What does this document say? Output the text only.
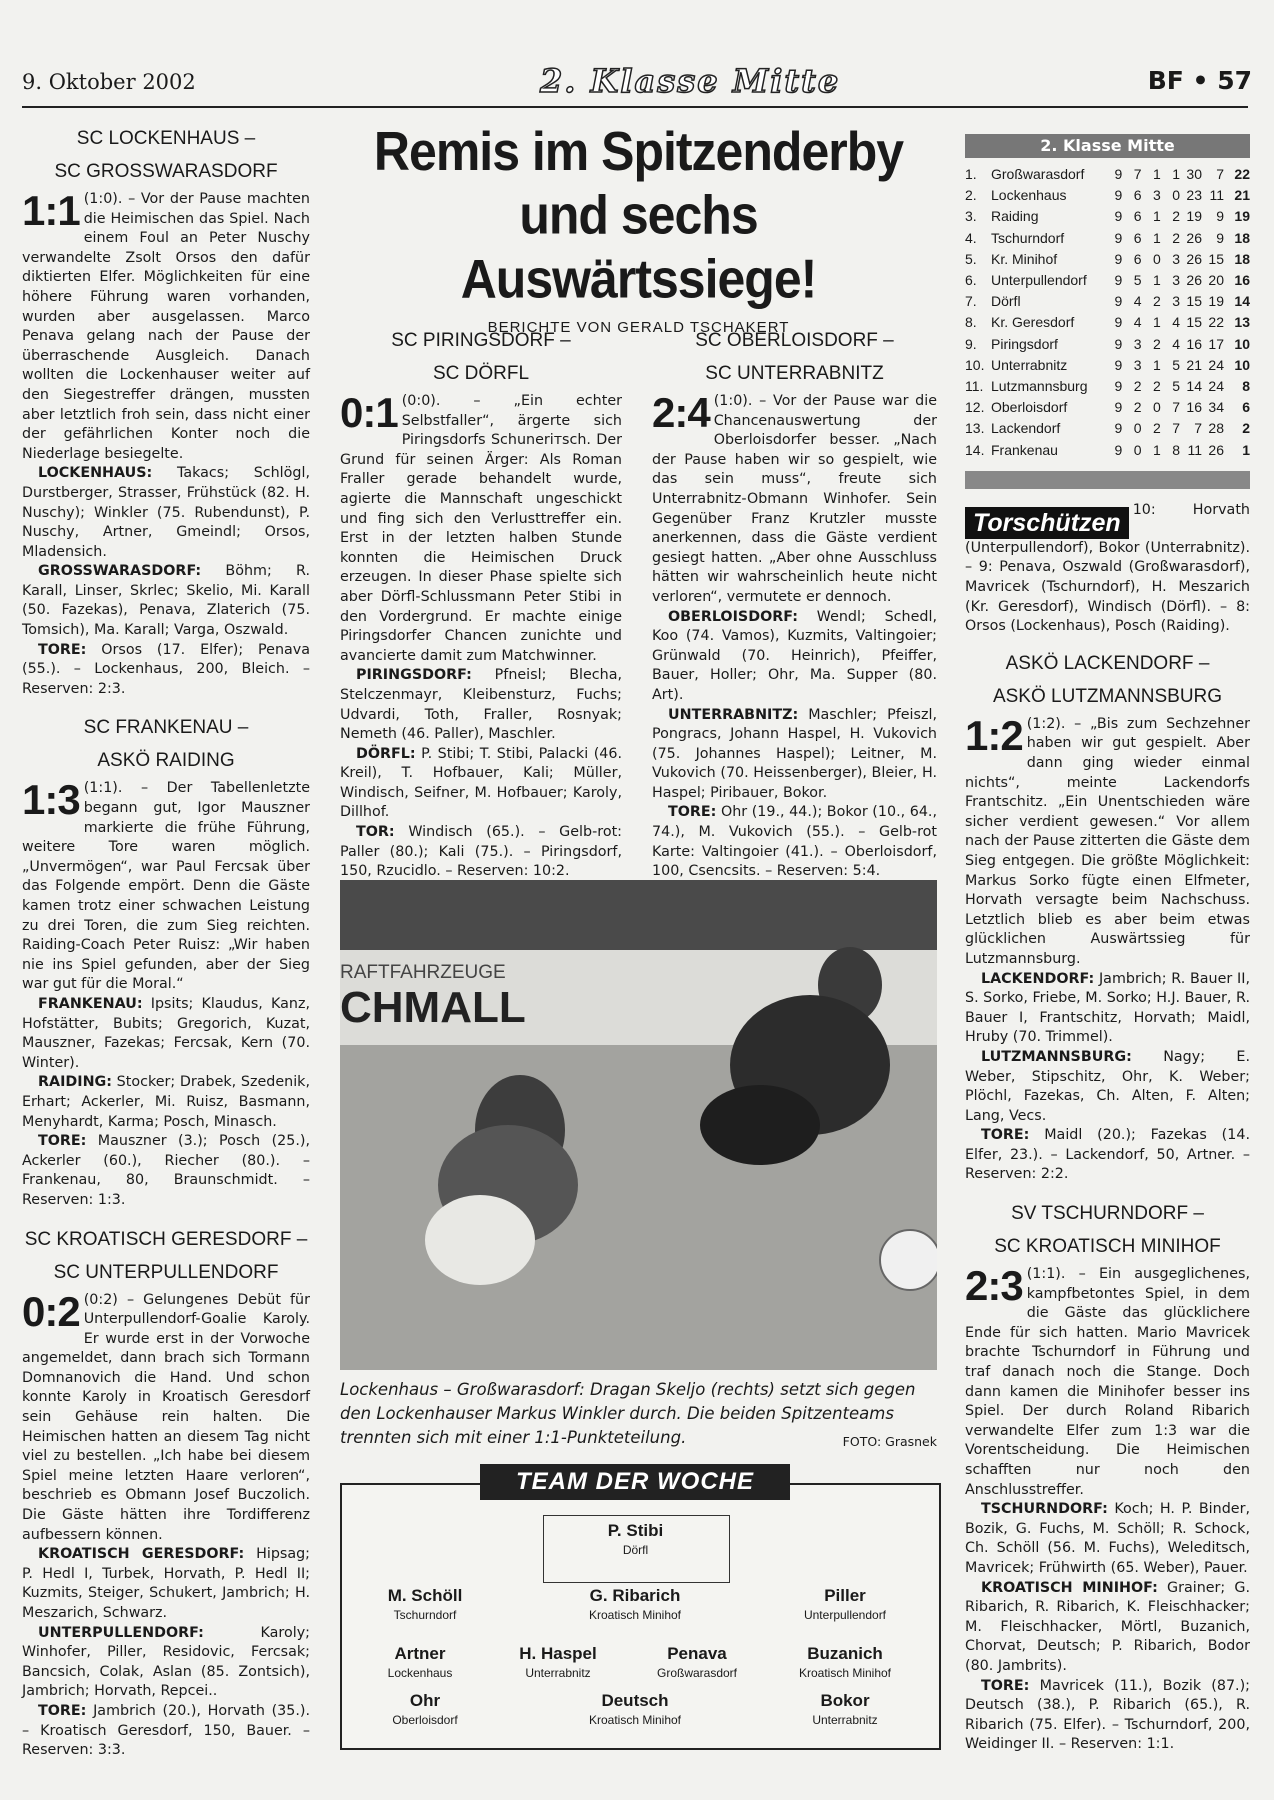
9. Oktober 2002	2. Klasse Mitte	BF • 57
SC LOCKENHAUS –
SC GROSSWARASDORF

1:1 (1:0). – Vor der Pause machten die Heimischen das Spiel. Nach einem Foul an Peter Nuschy verwandelte Zsolt Orsos den dafür diktierten Elfer. Möglichkeiten für eine höhere Führung waren vorhanden, wurden aber ausgelassen. Marco Penava gelang nach der Pause der überraschende Ausgleich. Danach wollten die Lockenhauser weiter auf den Siegestreffer drängen, mussten aber letztlich froh sein, dass nicht einer der gefährlichen Konter noch die Niederlage besiegelte.

LOCKENHAUS: Takacs; Schlögl, Durstberger, Strasser, Frühstück (82. H. Nuschy); Winkler (75. Rubendunst), P. Nuschy, Artner, Gmeindl; Orsos, Mladensich.

GROSSWARASDORF: Böhm; R. Karall, Linser, Skrlec; Skelio, Mi. Karall (50. Fazekas), Penava, Zlaterich (75. Tomsich), Ma. Karall; Varga, Oszwald.

TORE: Orsos (17. Elfer); Penava (55.). – Lockenhaus, 200, Bleich. – Reserven: 2:3.

SC FRANKENAU –
ASKÖ RAIDING

1:3 (1:1). – Der Tabellenletzte begann gut, Igor Mauszner markierte die frühe Führung, weitere Tore waren möglich. „Unvermögen“, war Paul Fercsak über das Folgende empört. Denn die Gäste kamen trotz einer schwachen Leistung zu drei Toren, die zum Sieg reichten. Raiding-Coach Peter Ruisz: „Wir haben nie ins Spiel gefunden, aber der Sieg war gut für die Moral.“

FRANKENAU: Ipsits; Klaudus, Kanz, Hofstätter, Bubits; Gregorich, Kuzat, Mauszner, Fazekas; Fercsak, Kern (70. Winter).

RAIDING: Stocker; Drabek, Szedenik, Erhart; Ackerler, Mi. Ruisz, Basmann, Menyhardt, Karma; Posch, Minasch.

TORE: Mauszner (3.); Posch (25.), Ackerler (60.), Riecher (80.). – Frankenau, 80, Braunschmidt. – Reserven: 1:3.

SC KROATISCH GERESDORF –
SC UNTERPULLENDORF

0:2 (0:2) – Gelungenes Debüt für Unterpullendorf-Goalie Karoly. Er wurde erst in der Vorwoche angemeldet, dann brach sich Tormann Domnanovich die Hand. Und schon konnte Karoly in Kroatisch Geresdorf sein Gehäuse rein halten. Die Heimischen hatten an diesem Tag nicht viel zu bestellen. „Ich habe bei diesem Spiel meine letzten Haare verloren“, beschrieb es Obmann Josef Buczolich. Die Gäste hätten ihre Tordifferenz aufbessern können.

KROATISCH GERESDORF: Hipsag; P. Hedl I, Turbek, Horvath, P. Hedl II; Kuzmits, Steiger, Schukert, Jambrich; H. Meszarich, Schwarz.

UNTERPULLENDORF:	Karoly; Winhofer, Piller, Residovic, Fercsak; Bancsich, Colak, Aslan (85. Zontsich), Jambrich; Horvath, Repcei..

TORE: Jambrich (20.), Horvath (35.). – Kroatisch Geresdorf, 150, Bauer. – Reserven: 3:3.

Remis im Spitzenderby
und sechs Auswärtssiege!
BERICHTE VON GERALD TSCHAKERT
SC PIRINGSDORF –
SC DÖRFL

0:1 (0:0). – „Ein echter Selbstfaller“, ärgerte sich Piringsdorfs Schunerітsch. Der Grund für seinen Ärger: Als Roman Fraller gerade behandelt wurde, agierte die Mannschaft ungeschickt und fing sich den Verlusttreffer ein. Erst in der letzten halben Stunde konnten die Heimischen Druck erzeugen. In dieser Phase spielte sich aber Dörfl-Schlussmann Peter Stibi in den Vordergrund. Er machte einige Piringsdorfer Chancen zunichte und avancierte damit zum Matchwinner.

PIRINGSDORF: Pfneisl; Blecha, Stelczenmayr, Kleibensturz, Fuchs; Udvardi, Toth, Fraller, Rosnyak; Nemeth (46. Paller), Maschler.

DÖRFL: P. Stibi; T. Stibi, Palacki (46. Kreil), T. Hofbauer, Kali; Müller, Windisch, Seifner, M. Hofbauer; Karoly, Dillhof.

TOR: Windisch (65.). – Gelb-rot: Paller (80.); Kali (75.). – Piringsdorf, 150, Rzucidlo. – Reserven: 10:2.

SC OBERLOISDORF –
SC UNTERRABNITZ

2:4 (1:0). – Vor der Pause war die Chancenauswertung der Oberloisdorfer besser. „Nach der Pause haben wir so gespielt, wie das sein muss“, freute sich Unterrabnitz-Obmann Winhofer. Sein Gegenüber Franz Krutzler musste anerkennen, dass die Gäste verdient gesiegt hatten. „Aber ohne Ausschluss hätten wir wahrscheinlich heute nicht verloren“, vermutete er dennoch.

OBERLOISDORF: Wendl; Schedl, Koo (74. Vamos), Kuzmits, Valtingoier; Grünwald (70. Heinrich), Pfeiffer, Bauer, Holler; Ohr, Ma. Supper (80. Art).

UNTERRABNITZ: Maschler; Pfeiszl, Pongracs, Johann Haspel, H. Vukovich (75. Johannes Haspel); Leitner, M. Vukovich (70. Heissenberger), Bleier, H. Haspel; Piribauer, Bokor.

TORE: Ohr (19., 44.); Bokor (10., 64., 74.), M. Vukovich (55.). – Gelb-rot Karte: Valtingoier (41.). – Oberloisdorf, 100, Csencsits. – Reserven: 5:4.

RAFTFAHRZEUGE
CHMALL
Lockenhaus – Großwarasdorf: Dragan Skeljo (rechts) setzt sich gegen den Lockenhauser Markus Winkler durch. Die beiden Spitzenteams trennten sich mit einer 1:1-Punkteteilung.	FOTO: Grasnek
TEAM DER WOCHE
P. Stibi
Dörfl
M. Schöll
Tschurndorf
G. Ribarich
Kroatisch Minihof
Piller
Unterpullendorf
Artner
Lockenhaus
H. Haspel
Unterrabnitz
Penava
Großwarasdorf
Buzanich
Kroatisch Minihof
Ohr
Oberloisdorf
Deutsch
Kroatisch Minihof
Bokor
Unterrabnitz
2. Klasse Mitte
1.	Großwarasdorf	9	7	1	1	30	7	22
2.	Lockenhaus	9	6	3	0	23	11	21
3.	Raiding	9	6	1	2	19	9	19
4.	Tschurndorf	9	6	1	2	26	9	18
5.	Kr. Minihof	9	6	0	3	26	15	18
6.	Unterpullendorf	9	5	1	3	26	20	16
7.	Dörfl	9	4	2	3	15	19	14
8.	Kr. Geresdorf	9	4	1	4	15	22	13
9.	Piringsdorf	9	3	2	4	16	17	10
10.	Unterrabnitz	9	3	1	5	21	24	10
11.	Lutzmannsburg	9	2	2	5	14	24	8
12.	Oberloisdorf	9	2	0	7	16	34	6
13.	Lackendorf	9	0	2	7	7	28	2
14.	Frankenau	9	0	1	8	11	26	1
Torschützen 10: Horvath (Unterpullendorf), Bokor (Unterrabnitz). – 9: Penava, Oszwald (Großwarasdorf), Mavricek (Tschurndorf), H. Meszarich (Kr. Geresdorf), Windisch (Dörfl). – 8: Orsos (Lockenhaus), Posch (Raiding).
ASKÖ LACKENDORF –
ASKÖ LUTZMANNSBURG

1:2 (1:2). – „Bis zum Sechzehner haben wir gut gespielt. Aber dann ging wieder einmal nichts“, meinte Lackendorfs Frantschitz. „Ein Unentschieden wäre sicher verdient gewesen.“ Vor allem nach der Pause zitterten die Gäste dem Sieg entgegen. Die größte Möglichkeit: Markus Sorko fügte einen Elfmeter, Horvath versagte beim Nachschuss. Letztlich blieb es aber beim etwas glücklichen Auswärtssieg für Lutzmannsburg.

LACKENDORF: Jambrich; R. Bauer II, S. Sorko, Friebe, M. Sorko; H.J. Bauer, R. Bauer I, Frantschitz, Horvath; Maidl, Hruby (70. Trimmel).

LUTZMANNSBURG: Nagy; E. Weber, Stipschitz, Ohr, K. Weber; Plöchl, Fazekas, Ch. Alten, F. Alten; Lang, Vecs.

TORE: Maidl (20.); Fazekas (14. Elfer, 23.). – Lackendorf, 50, Artner. – Reserven: 2:2.

SV TSCHURNDORF –
SC KROATISCH MINIHOF

2:3 (1:1). – Ein ausgeglichenes, kampfbetontes Spiel, in dem die Gäste das glücklichere Ende für sich hatten. Mario Mavricek brachte Tschurndorf in Führung und traf danach noch die Stange. Doch dann kamen die Minihofer besser ins Spiel. Der durch Roland Ribarich verwandelte Elfer zum 1:3 war die Vorentscheidung. Die Heimischen schafften nur noch den Anschlusstreffer.

TSCHURNDORF: Koch; H. P. Binder, Bozik, G. Fuchs, M. Schöll; R. Schock, Ch. Schöll (56. M. Fuchs), Weleditsch, Mavricek; Frühwirth (65. Weber), Pauer.

KROATISCH MINIHOF: Grainer; G. Ribarich, R. Ribarich, K. Fleischhacker; M. Fleischhacker, Mörtl, Buzanich, Chorvat, Deutsch; P. Ribarich, Bodor (80. Jambrits).

TORE: Mavricek (11.), Bozik (87.); Deutsch (38.), P. Ribarich (65.), R. Ribarich (75. Elfer). – Tschurndorf, 200, Weidinger II. – Reserven: 1:1.
